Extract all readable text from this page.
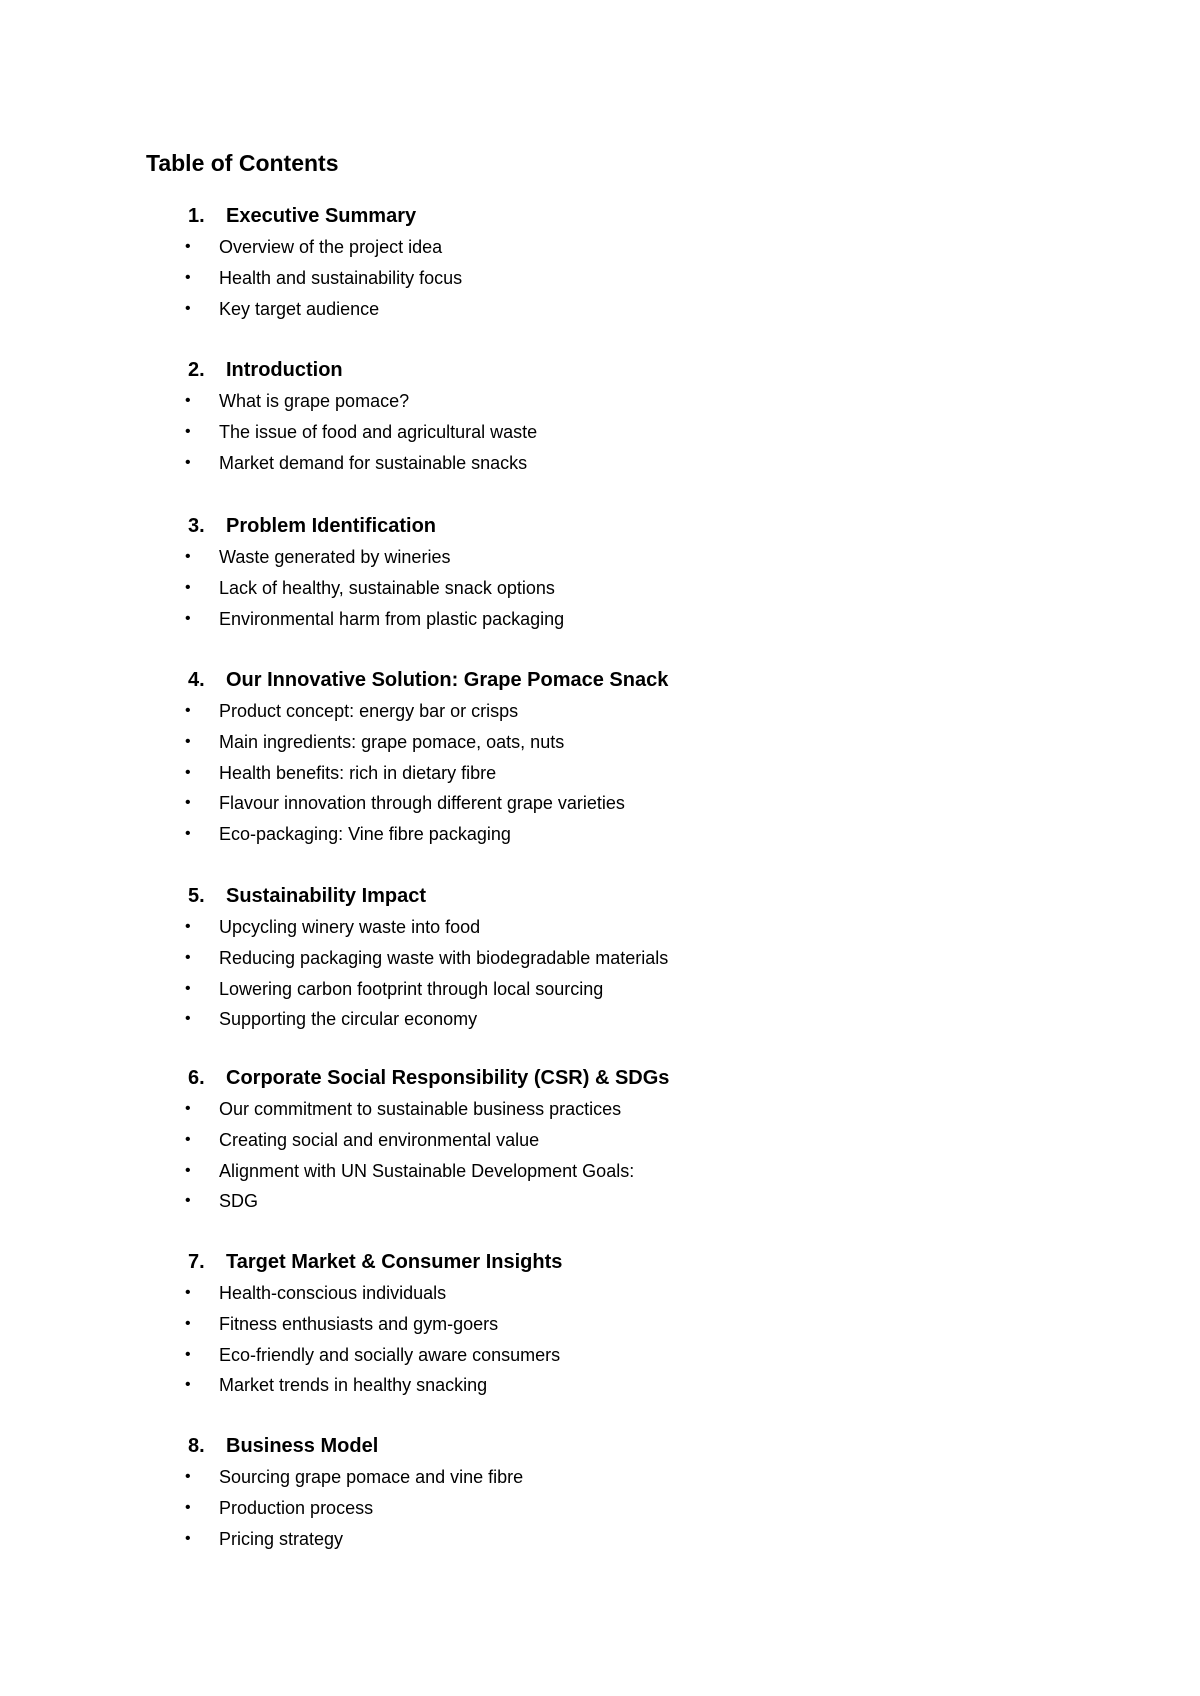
Table of Contents
1. Executive Summary
• Overview of the project idea
• Health and sustainability focus
• Key target audience
2. Introduction
• What is grape pomace?
• The issue of food and agricultural waste
• Market demand for sustainable snacks
3. Problem Identification
• Waste generated by wineries
• Lack of healthy, sustainable snack options
• Environmental harm from plastic packaging
4. Our Innovative Solution: Grape Pomace Snack
• Product concept: energy bar or crisps
• Main ingredients: grape pomace, oats, nuts
• Health benefits: rich in dietary fibre
• Flavour innovation through different grape varieties
• Eco-packaging: Vine fibre packaging
5. Sustainability Impact
• Upcycling winery waste into food
• Reducing packaging waste with biodegradable materials
• Lowering carbon footprint through local sourcing
• Supporting the circular economy
6. Corporate Social Responsibility (CSR) & SDGs
• Our commitment to sustainable business practices
• Creating social and environmental value
• Alignment with UN Sustainable Development Goals:
• SDG
7. Target Market & Consumer Insights
• Health-conscious individuals
• Fitness enthusiasts and gym-goers
• Eco-friendly and socially aware consumers
• Market trends in healthy snacking
8. Business Model
• Sourcing grape pomace and vine fibre
• Production process
• Pricing strategy
